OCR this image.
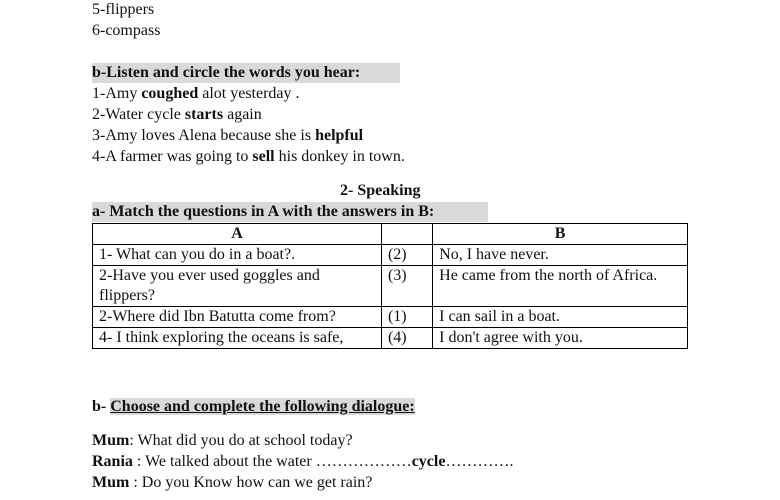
5-flippers
6-compass
b-Listen and circle the words you hear:
1-Amy coughed alot yesterday .
2-Water cycle starts again
3-Amy loves Alena because she is helpful
4-A farmer was going to sell his donkey in town.
2- Speaking
a- Match the questions in A with the answers in B:
A		B
1- What can you do in a boat?.	(2)	No, I have never.
2-Have you ever used goggles and flippers?	(3)	He came from the north of Africa.
2-Where did Ibn Batutta come from?	(1)	I can sail in a boat.
4- I think exploring the oceans is safe,	(4)	I don't agree with you.
b- Choose and complete the following dialogue:
Mum: What did you do at school today?
Rania : We talked about the water ………………cycle………….
Mum : Do you Know how can we get rain?
